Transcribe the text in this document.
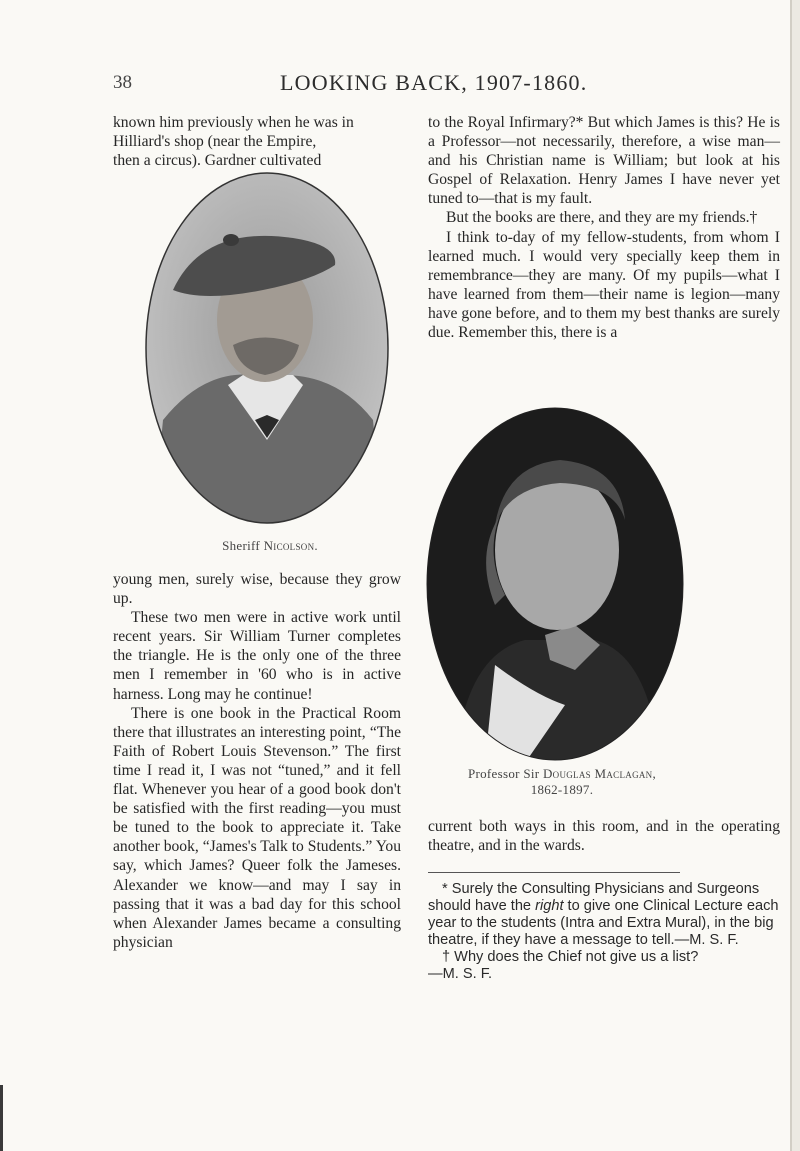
38	LOOKING BACK, 1907-1860.
known him previously when he was in
Hilliard's shop (near the Empire,
then a circus). Gardner cultivated
Sheriff Nicolson.

young men, surely wise, because they grow up.

These two men were in active work until recent years. Sir William Turner completes the triangle. He is the only one of the three men I remember in '60 who is in active harness. Long may he continue!

There is one book in the Practical Room there that illustrates an interesting point, “The Faith of Robert Louis Stevenson.” The first time I read it, I was not “tuned,” and it fell flat. Whenever you hear of a good book don't be satisfied with the first reading—you must be tuned to the book to appreciate it. Take another book, “James's Talk to Students.” You say, which James? Queer folk the Jameses. Alexander we know—and may I say in passing that it was a bad day for this school when Alexander James became a consulting physician

to the Royal Infirmary?* But which James is this? He is a Professor—not necessarily, therefore, a wise man—and his Christian name is William; but look at his Gospel of Relaxation. Henry James I have never yet tuned to—that is my fault.

But the books are there, and they are my friends.†

I think to-day of my fellow-students, from whom I learned much. I would very specially keep them in remembrance—they are many. Of my pupils—what I have learned from them—their name is legion—many have gone before, and to them my best thanks are surely due. Remember this, there is a

Professor Sir Douglas Maclagan,
1862-1897.

current both ways in this room, and in the operating theatre, and in the wards.

* Surely the Consulting Physicians and Surgeons should have the right to give one Clinical Lecture each year to the students (Intra and Extra Mural), in the big theatre, if they have a message to tell.—M. S. F.

† Why does the Chief not give us a list?

—M. S. F.
